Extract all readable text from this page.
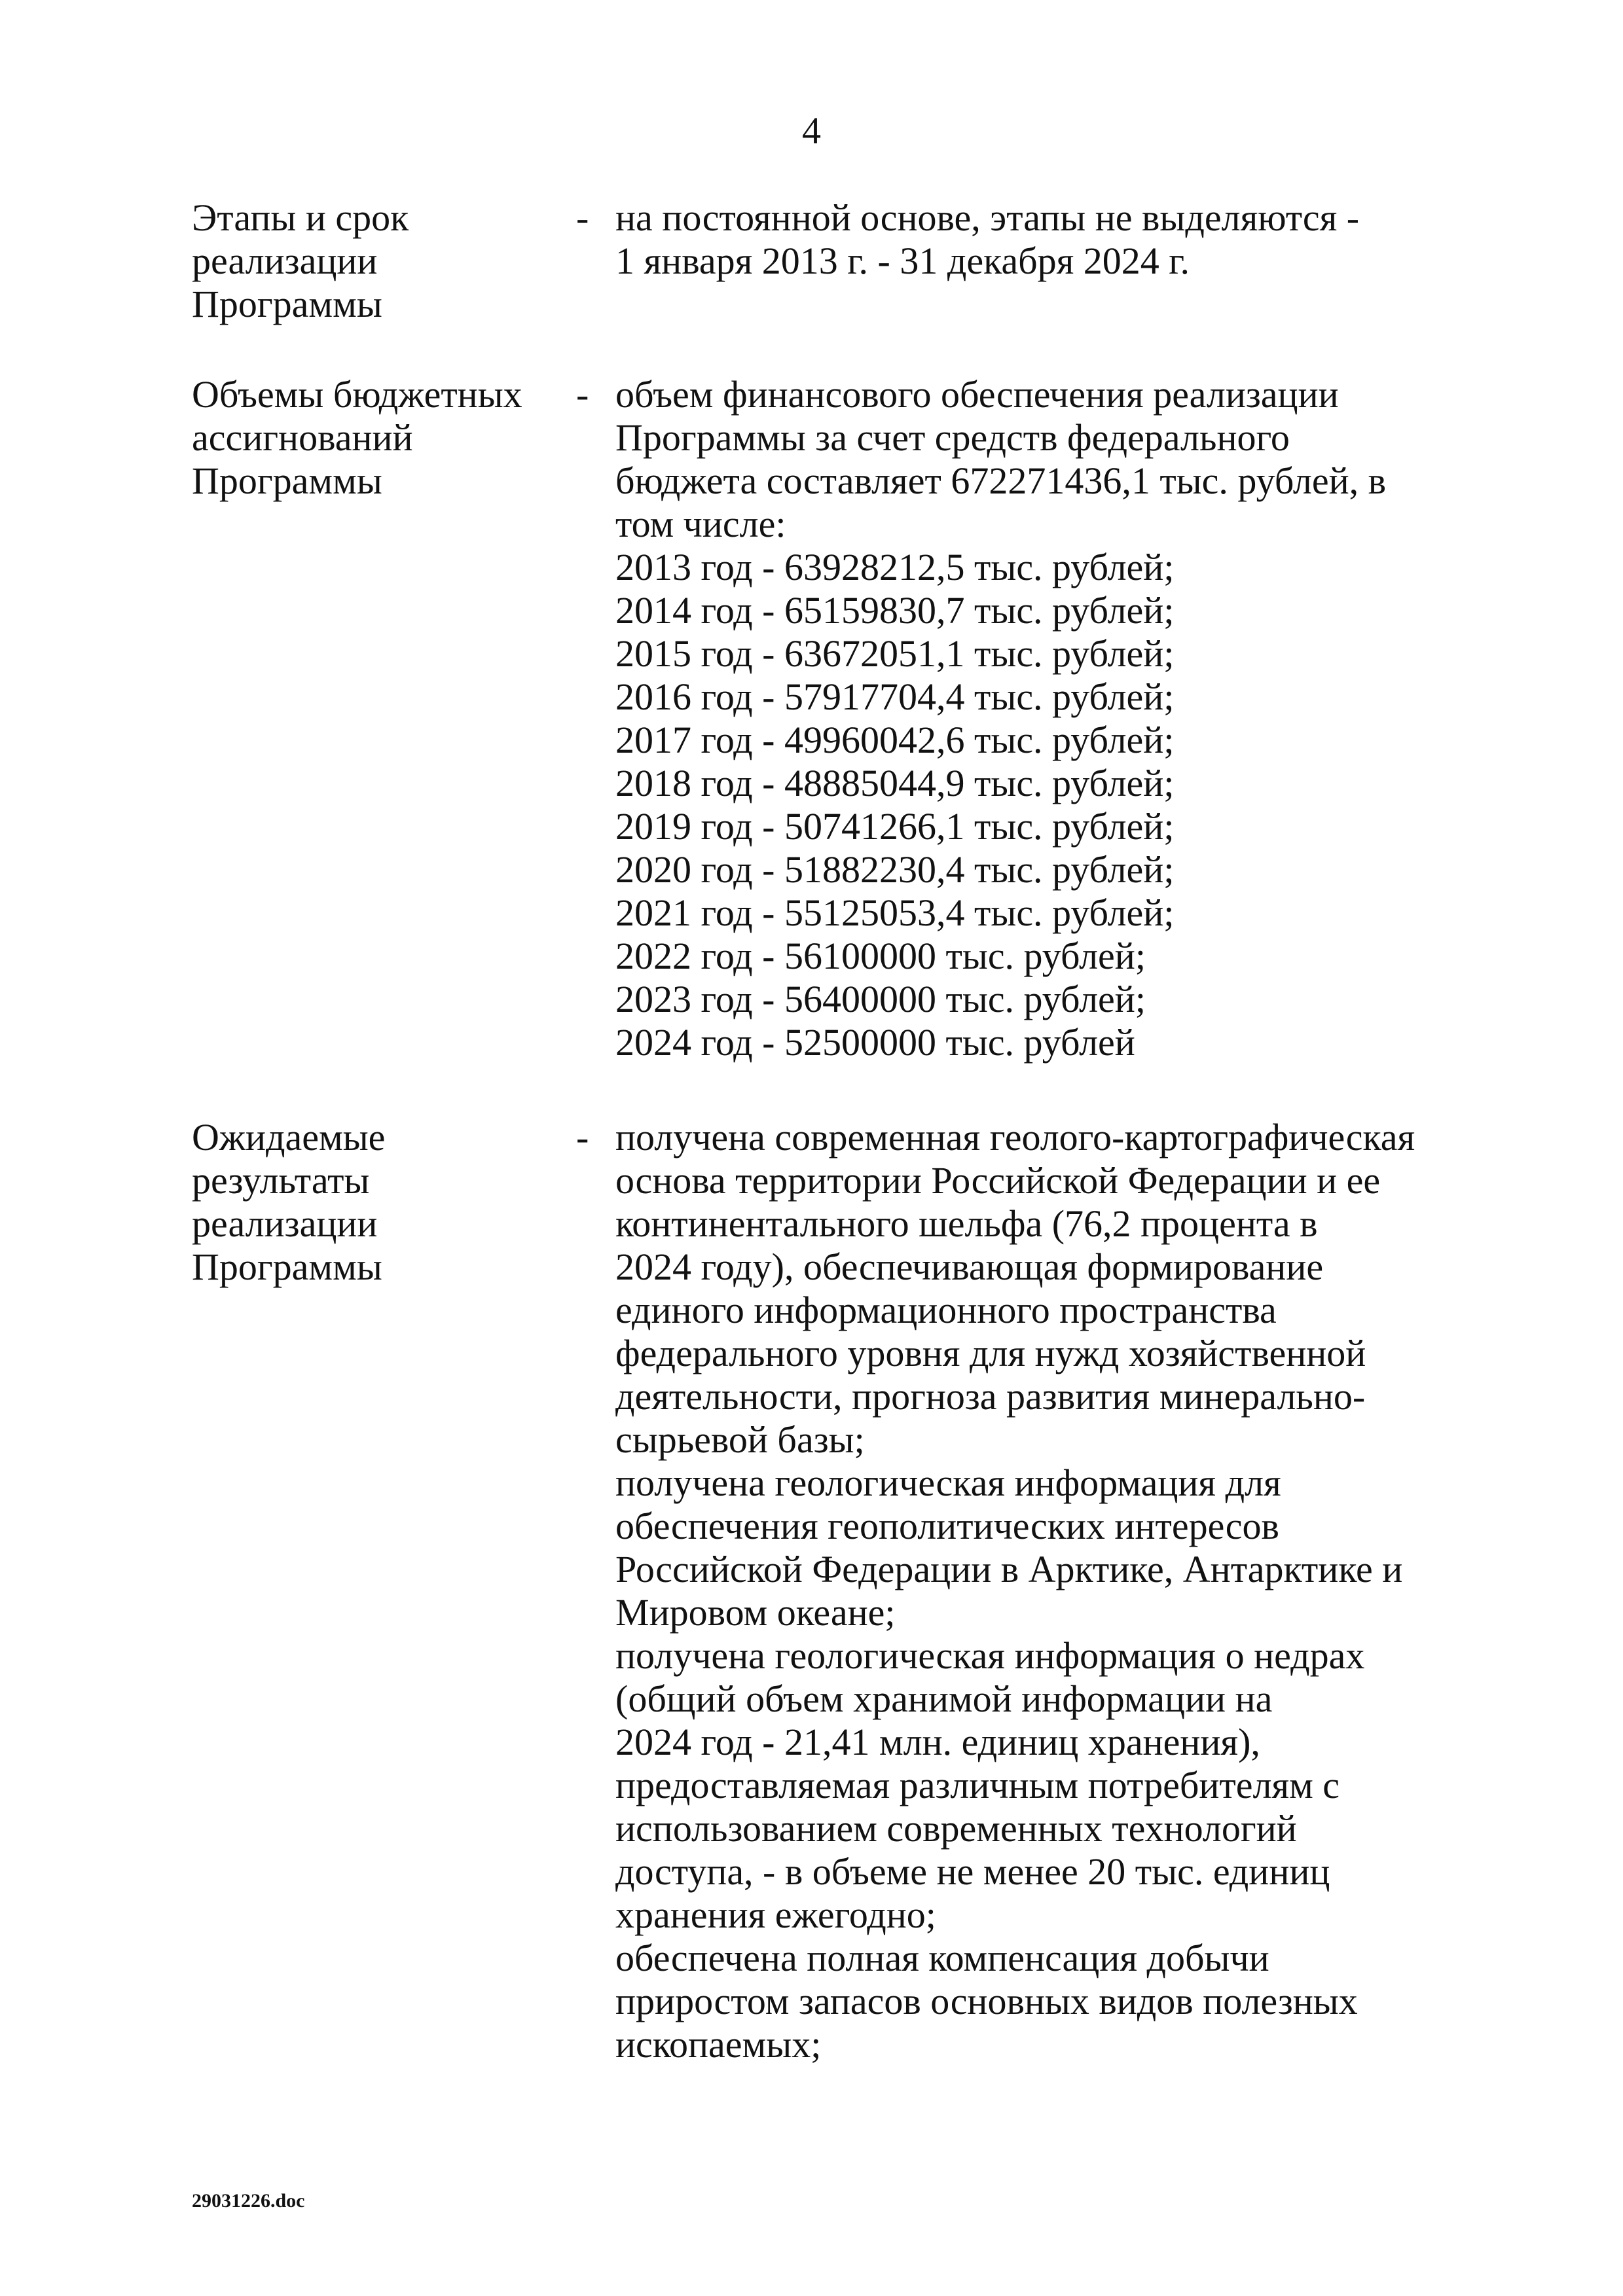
4
Этапы и срок
реализации
Программы
- на постоянной основе, этапы не выделяются -
1 января 2013 г. - 31 декабря 2024 г.
Объемы бюджетных
ассигнований
Программы
- объем финансового обеспечения реализации
Программы за счет средств федерального
бюджета составляет 672271436,1 тыс. рублей, в
том числе:
2013 год - 63928212,5 тыс. рублей;
2014 год - 65159830,7 тыс. рублей;
2015 год - 63672051,1 тыс. рублей;
2016 год - 57917704,4 тыс. рублей;
2017 год - 49960042,6 тыс. рублей;
2018 год - 48885044,9 тыс. рублей;
2019 год - 50741266,1 тыс. рублей;
2020 год - 51882230,4 тыс. рублей;
2021 год - 55125053,4 тыс. рублей;
2022 год - 56100000 тыс. рублей;
2023 год - 56400000 тыс. рублей;
2024 год - 52500000 тыс. рублей
Ожидаемые
результаты
реализации
Программы
- получена современная геолого-картографическая
основа территории Российской Федерации и ее
континентального шельфа (76,2 процента в
2024 году), обеспечивающая формирование
единого информационного пространства
федерального уровня для нужд хозяйственной
деятельности, прогноза развития минерально-
сырьевой базы;
получена геологическая информация для
обеспечения геополитических интересов
Российской Федерации в Арктике, Антарктике и
Мировом океане;
получена геологическая информация о недрах
(общий объем хранимой информации на
2024 год - 21,41 млн. единиц хранения),
предоставляемая различным потребителям с
использованием современных технологий
доступа, - в объеме не менее 20 тыс. единиц
хранения ежегодно;
обеспечена полная компенсация добычи
приростом запасов основных видов полезных
ископаемых;
29031226.doc
